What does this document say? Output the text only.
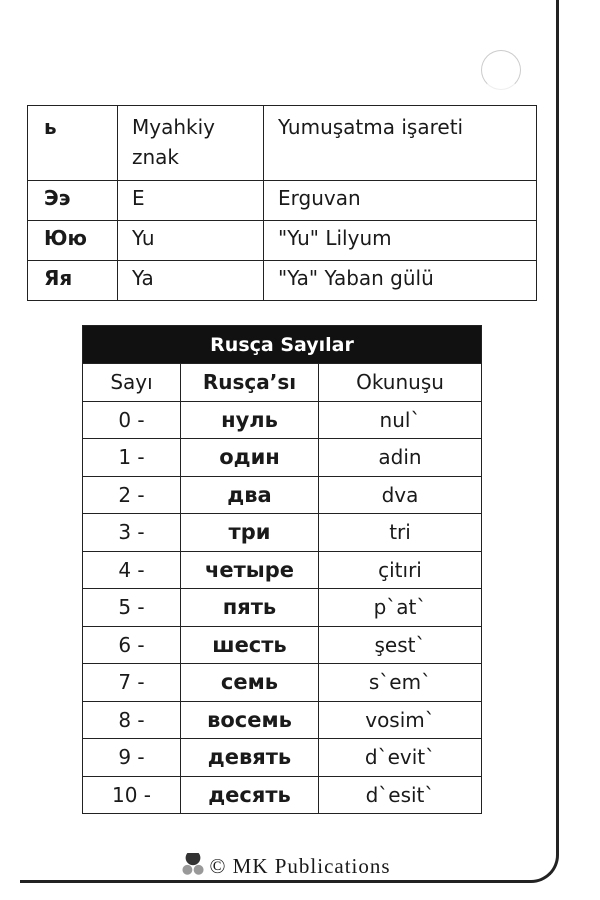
ь	Myahkiy znak	Yumuşatma işareti
Ээ	E	Erguvan
Юю	Yu	"Yu" Lilyum
Яя	Ya	"Ya" Yaban gülü
Rusça Sayılar		
Sayı	Rusça’sı	Okunuşu
0 -	нуль	nul`
1 -	один	adin
2 -	два	dva
3 -	три	tri
4 -	четыре	çitıri
5 -	пять	p`at`
6 -	шесть	şest`
7 -	семь	s`em`
8 -	восемь	vosim`
9 -	девять	d`evit`
10 -	десять	d`esit`
© MK Publications
